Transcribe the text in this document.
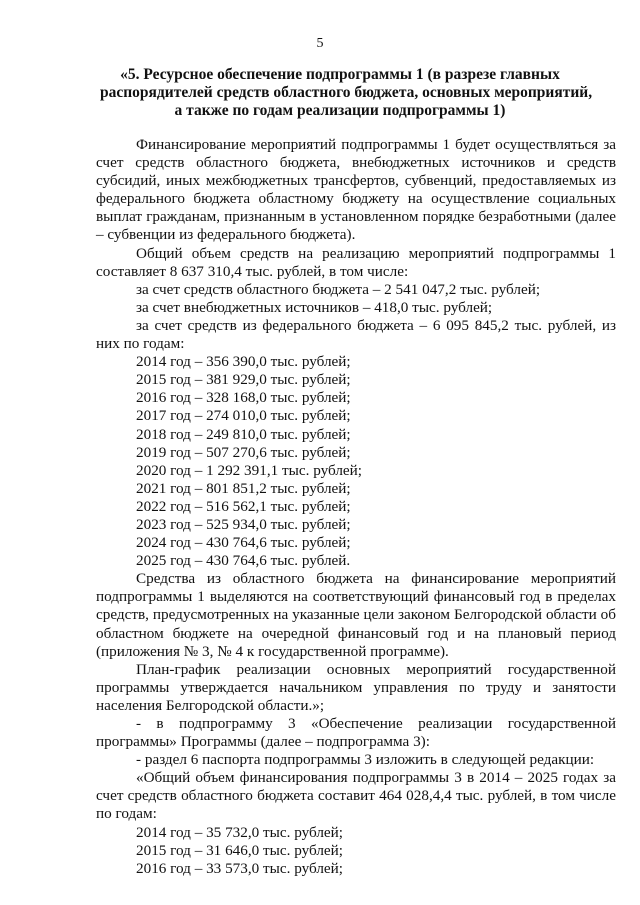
5
«5. Ресурсное обеспечение подпрограммы 1 (в разрезе главных
распорядителей средств областного бюджета, основных мероприятий,
а также по годам реализации подпрограммы 1)

Финансирование мероприятий подпрограммы 1 будет осуществляться за счет средств областного бюджета, внебюджетных источников и средств субсидий, иных межбюджетных трансфертов, субвенций, предоставляемых из федерального бюджета областному бюджету на осуществление социальных выплат гражданам, признанным в установленном порядке безработными (далее – субвенции из федерального бюджета).

Общий объем средств на реализацию мероприятий подпрограммы 1 составляет 8 637 310,4 тыс. рублей, в том числе:

за счет средств областного бюджета – 2 541 047,2 тыс. рублей;

за счет внебюджетных источников – 418,0 тыс. рублей;

за счет средств из федерального бюджета – 6 095 845,2 тыс. рублей, из них по годам:

2014 год – 356 390,0 тыс. рублей;

2015 год – 381 929,0 тыс. рублей;

2016 год – 328 168,0 тыс. рублей;

2017 год – 274 010,0 тыс. рублей;

2018 год – 249 810,0 тыс. рублей;

2019 год – 507 270,6 тыс. рублей;

2020 год – 1 292 391,1 тыс. рублей;

2021 год – 801 851,2 тыс. рублей;

2022 год – 516 562,1 тыс. рублей;

2023 год – 525 934,0 тыс. рублей;

2024 год – 430 764,6 тыс. рублей;

2025 год – 430 764,6 тыс. рублей.

Средства из областного бюджета на финансирование мероприятий подпрограммы 1 выделяются на соответствующий финансовый год в пределах средств, предусмотренных на указанные цели законом Белгородской области об областном бюджете на очередной финансовый год и на плановый период (приложения № 3, № 4 к государственной программе).

План-график реализации основных мероприятий государственной программы утверждается начальником управления по труду и занятости населения Белгородской области.»;

- в подпрограмму 3 «Обеспечение реализации государственной программы» Программы (далее – подпрограмма 3):

- раздел 6 паспорта подпрограммы 3 изложить в следующей редакции:

«Общий объем финансирования подпрограммы 3 в 2014 – 2025 годах за счет средств областного бюджета составит 464 028,4,4 тыс. рублей, в том числе по годам:

2014 год – 35 732,0 тыс. рублей;

2015 год – 31 646,0 тыс. рублей;

2016 год – 33 573,0 тыс. рублей;
